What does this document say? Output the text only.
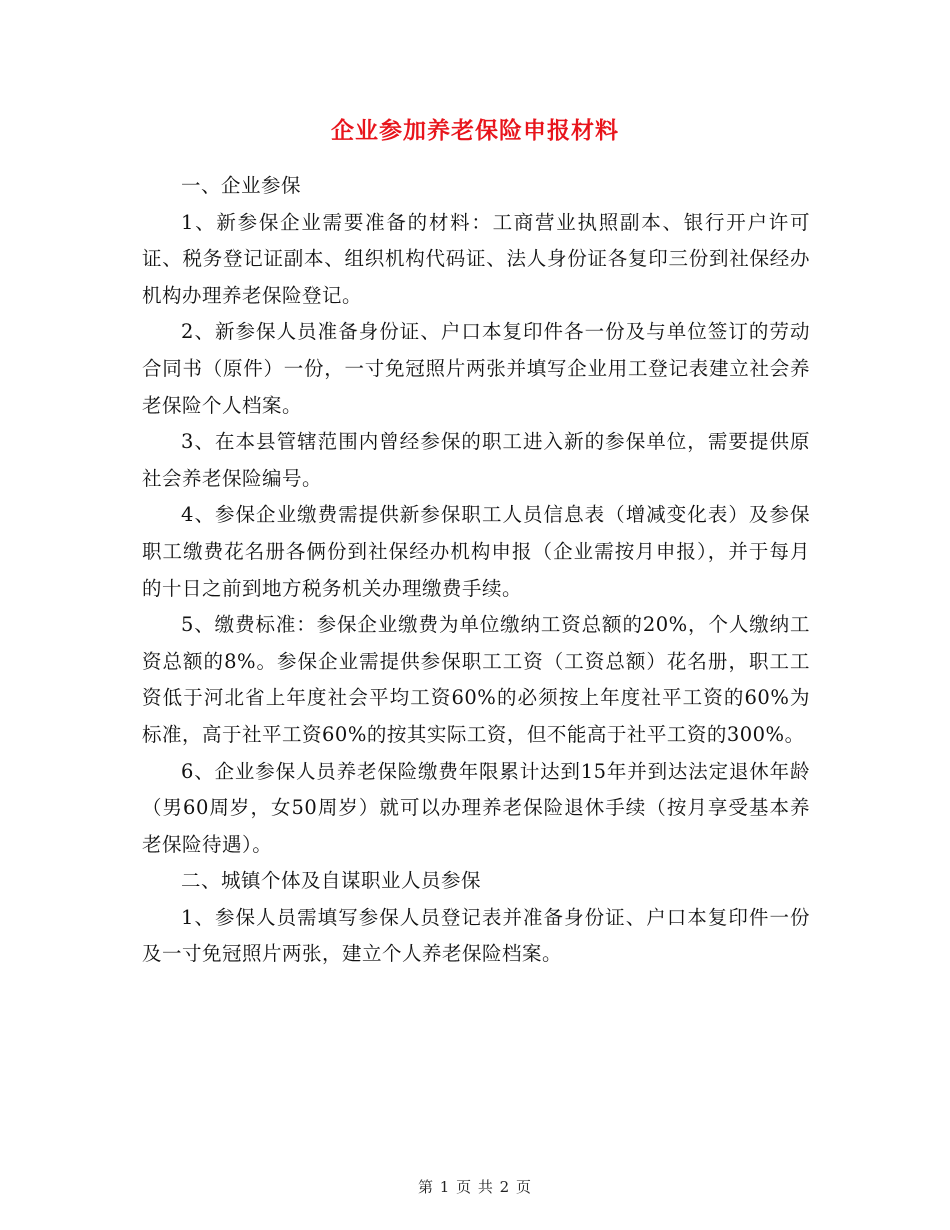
企业参加养老保险申报材料

一、企业参保

1、新参保企业需要准备的材料：工商营业执照副本、银行开户许可证、税务登记证副本、组织机构代码证、法人身份证各复印三份到社保经办机构办理养老保险登记。

2、新参保人员准备身份证、户口本复印件各一份及与单位签订的劳动合同书（原件）一份，一寸免冠照片两张并填写企业用工登记表建立社会养老保险个人档案。

3、在本县管辖范围内曾经参保的职工进入新的参保单位，需要提供原社会养老保险编号。

4、参保企业缴费需提供新参保职工人员信息表（增减变化表）及参保职工缴费花名册各俩份到社保经办机构申报（企业需按月申报），并于每月的十日之前到地方税务机关办理缴费手续。

5、缴费标准：参保企业缴费为单位缴纳工资总额的20%，个人缴纳工资总额的8%。参保企业需提供参保职工工资（工资总额）花名册，职工工资低于河北省上年度社会平均工资60%的必须按上年度社平工资的60%为标准，高于社平工资60%的按其实际工资，但不能高于社平工资的300%。

6、企业参保人员养老保险缴费年限累计达到15年并到达法定退休年龄（男60周岁，女50周岁）就可以办理养老保险退休手续（按月享受基本养老保险待遇）。

二、城镇个体及自谋职业人员参保

1、参保人员需填写参保人员登记表并准备身份证、户口本复印件一份及一寸免冠照片两张，建立个人养老保险档案。

第 1 页 共 2 页
